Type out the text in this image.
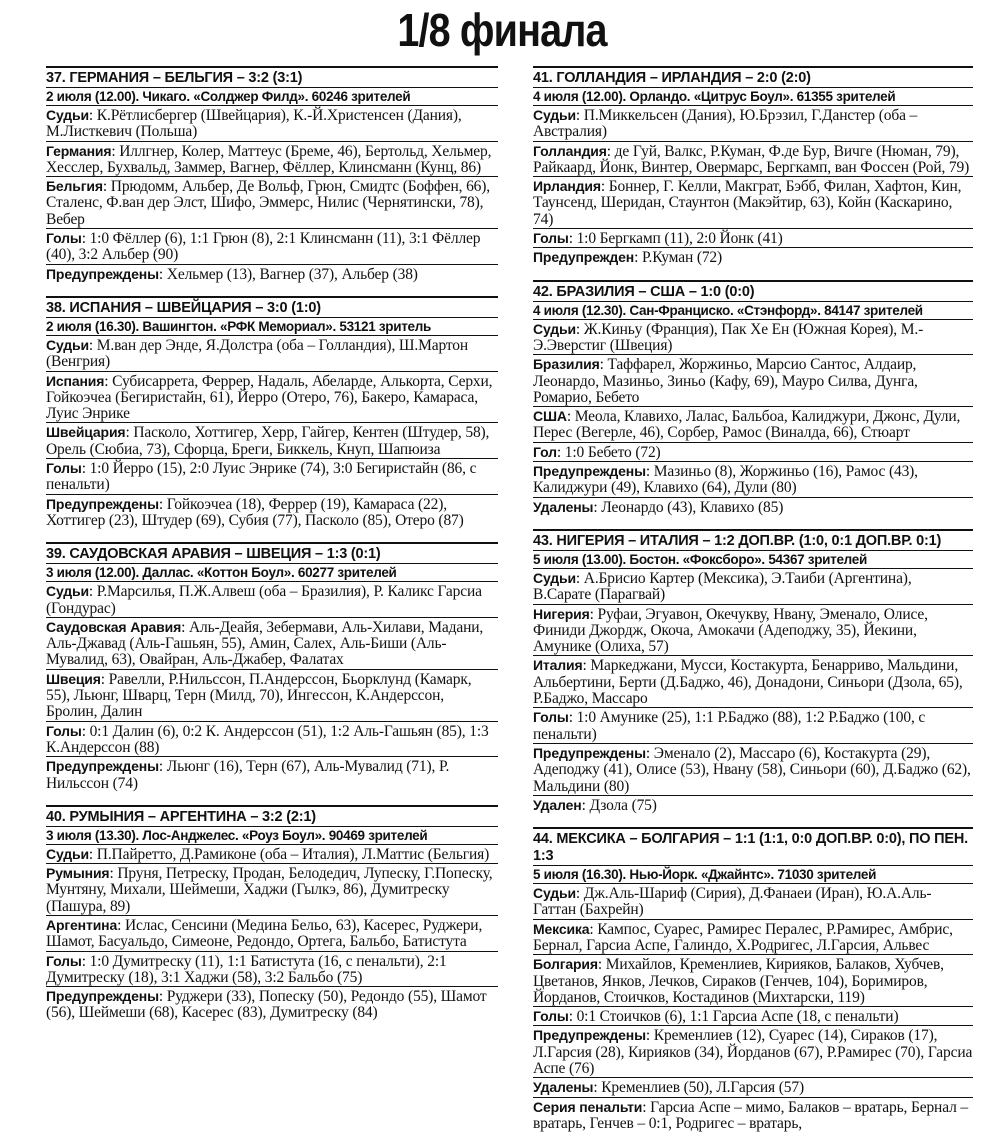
1/8 финала
37. ГЕРМАНИЯ – БЕЛЬГИЯ – 3:2 (3:1)
2 июля (12.00). Чикаго. «Солджер Филд». 60246 зрителей
Судьи: К.Рётлисбергер (Швейцария), К.-Й.Христенсен (Дания), М.Листкевич (Польша)
Германия: Иллгнер, Колер, Маттеус (Бреме, 46), Бертольд, Хельмер, Хесслер, Бухвальд, Заммер, Вагнер, Фёллер, Клинсманн (Кунц, 86)
Бельгия: Прюдомм, Альбер, Де Вольф, Грюн, Смидтс (Боффен, 66), Сталенс, Ф.ван дер Элст, Шифо, Эммерс, Нилис (Чернятински, 78), Вебер
Голы: 1:0 Фёллер (6), 1:1 Грюн (8), 2:1 Клинсманн (11), 3:1 Фёллер (40), 3:2 Альбер (90)
Предупреждены: Хельмер (13), Вагнер (37), Альбер (38)
38. ИСПАНИЯ – ШВЕЙЦАРИЯ – 3:0 (1:0)
2 июля (16.30). Вашингтон. «РФК Мемориал». 53121 зритель
Судьи: М.ван дер Энде, Я.Долстра (оба – Голландия), Ш.Мартон (Венгрия)
Испания: Субисаррета, Феррер, Надаль, Абеларде, Алькорта, Серхи, Гойкоэчеа (Бегиристайн, 61), Йерро (Отеро, 76), Бакеро, Камараса, Луис Энрике
Швейцария: Пасколо, Хоттигер, Херр, Гайгер, Кентен (Штудер, 58), Орель (Сюбиа, 73), Сфорца, Бреги, Биккель, Кнуп, Шапюиза
Голы: 1:0 Йерро (15), 2:0 Луис Энрике (74), 3:0 Бегиристайн (86, с пенальти)
Предупреждены: Гойкоэчеа (18), Феррер (19), Камараса (22), Хоттигер (23), Штудер (69), Субия (77), Пасколо (85), Отеро (87)
39. САУДОВСКАЯ АРАВИЯ – ШВЕЦИЯ – 1:3 (0:1)
3 июля (12.00). Даллас. «Коттон Боул». 60277 зрителей
Судьи: Р.Марсилья, П.Ж.Алвеш (оба – Бразилия), Р. Каликс Гарсиа (Гондурас)
Саудовская Аравия: Аль-Деайя, Зебермави, Аль-Хилави, Мадани, Аль-Джавад (Аль-Гашьян, 55), Амин, Салех, Аль-Биши (Аль-Мувалид, 63), Овайран, Аль-Джабер, Фалатах
Швеция: Равелли, Р.Нильссон, П.Андерссон, Бьорклунд (Камарк, 55), Льюнг, Шварц, Терн (Милд, 70), Ингессон, К.Андерссон, Бролин, Далин
Голы: 0:1 Далин (6), 0:2 К. Андерссон (51), 1:2 Аль-Гашьян (85), 1:3 К.Андерссон (88)
Предупреждены: Льюнг (16), Терн (67), Аль-Мувалид (71), Р. Нильссон (74)
40. РУМЫНИЯ – АРГЕНТИНА – 3:2 (2:1)
3 июля (13.30). Лос-Анджелес. «Роуз Боул». 90469 зрителей
Судьи: П.Пайретто, Д.Рамиконе (оба – Италия), Л.Маттис (Бельгия)
Румыния: Пруня, Петреску, Продан, Белодедич, Лупеску, Г.Попеску, Мунтяну, Михали, Шеймеши, Хаджи (Гылкэ, 86), Думитреску (Пашура, 89)
Аргентина: Ислас, Сенсини (Медина Бельо, 63), Касерес, Руджери, Шамот, Басуальдо, Симеоне, Редондо, Ортега, Бальбо, Батистута
Голы: 1:0 Думитреску (11), 1:1 Батистута (16, с пенальти), 2:1 Думитреску (18), 3:1 Хаджи (58), 3:2 Бальбо (75)
Предупреждены: Руджери (33), Попеску (50), Редондо (55), Шамот (56), Шеймеши (68), Касерес (83), Думитреску (84)
41. ГОЛЛАНДИЯ – ИРЛАНДИЯ – 2:0 (2:0)
4 июля (12.00). Орландо. «Цитрус Боул». 61355 зрителей
Судьи: П.Миккельсен (Дания), Ю.Брэзил, Г.Данстер (оба – Австралия)
Голландия: де Гуй, Валкс, Р.Куман, Ф.де Бур, Вичге (Нюман, 79), Райкаард, Йонк, Винтер, Овермарс, Бергкамп, ван Фоссен (Рой, 79)
Ирландия: Боннер, Г. Келли, Макграт, Бэбб, Филан, Хафтон, Кин, Таунсенд, Шеридан, Стаунтон (Макэйтир, 63), Койн (Каскарино, 74)
Голы: 1:0 Бергкамп (11), 2:0 Йонк (41)
Предупрежден: Р.Куман (72)
42. БРАЗИЛИЯ – США – 1:0 (0:0)
4 июля (12.30). Сан-Франциско. «Стэнфорд». 84147 зрителей
Судьи: Ж.Киньу (Франция), Пак Хе Ен (Южная Корея), М.-Э.Эверстиг (Швеция)
Бразилия: Таффарел, Жоржиньо, Марсио Сантос, Алдаир, Леонардо, Мазиньо, Зиньо (Кафу, 69), Мауро Силва, Дунга, Ромарио, Бебето
США: Меола, Клавихо, Лалас, Бальбоа, Калиджури, Джонс, Дули, Перес (Вегерле, 46), Сорбер, Рамос (Виналда, 66), Стюарт
Гол: 1:0 Бебето (72)
Предупреждены: Мазиньо (8), Жоржиньо (16), Рамос (43), Калиджури (49), Клавихо (64), Дули (80)
Удалены: Леонардо (43), Клавихо (85)
43. НИГЕРИЯ – ИТАЛИЯ – 1:2 ДОП.ВР. (1:0, 0:1 ДОП.ВР. 0:1)
5 июля (13.00). Бостон. «Фоксборо». 54367 зрителей
Судьи: А.Брисио Картер (Мексика), Э.Таиби (Аргентина), В.Сарате (Парагвай)
Нигерия: Руфаи, Эгуавон, Окечукву, Нвану, Эменало, Олисе, Финиди Джордж, Окоча, Амокачи (Адеподжу, 35), Йекини, Амунике (Олиха, 57)
Италия: Маркеджани, Мусси, Костакурта, Бенарриво, Мальдини, Альбертини, Берти (Д.Баджо, 46), Донадони, Синьори (Дзола, 65), Р.Баджо, Массаро
Голы: 1:0 Амунике (25), 1:1 Р.Баджо (88), 1:2 Р.Баджо (100, с пенальти)
Предупреждены: Эменало (2), Массаро (6), Костакурта (29), Адеподжу (41), Олисе (53), Нвану (58), Синьори (60), Д.Баджо (62), Мальдини (80)
Удален: Дзола (75)
44. МЕКСИКА – БОЛГАРИЯ – 1:1 (1:1, 0:0 ДОП.ВР. 0:0), ПО ПЕН. 1:3
5 июля (16.30). Нью-Йорк. «Джайнтс». 71030 зрителей
Судьи: Дж.Аль-Шариф (Сирия), Д.Фанаеи (Иран), Ю.А.Аль-Гаттан (Бахрейн)
Мексика: Кампос, Суарес, Рамирес Пералес, Р.Рамирес, Амбрис, Бернал, Гарсиа Аспе, Галиндо, Х.Родригес, Л.Гарсия, Альвес
Болгария: Михайлов, Кременлиев, Кирияков, Балаков, Хубчев, Цветанов, Янков, Лечков, Сираков (Генчев, 104), Боримиров, Йорданов, Стоичков, Костадинов (Михтарски, 119)
Голы: 0:1 Стоичков (6), 1:1 Гарсиа Аспе (18, с пенальти)
Предупреждены: Кременлиев (12), Суарес (14), Сираков (17), Л.Гарсия (28), Кирияков (34), Йорданов (67), Р.Рамирес (70), Гарсиа Аспе (76)
Удалены: Кременлиев (50), Л.Гарсия (57)
Серия пенальти: Гарсиа Аспе – мимо, Балаков – вратарь, Бернал – вратарь, Генчев – 0:1, Родригес – вратарь,
